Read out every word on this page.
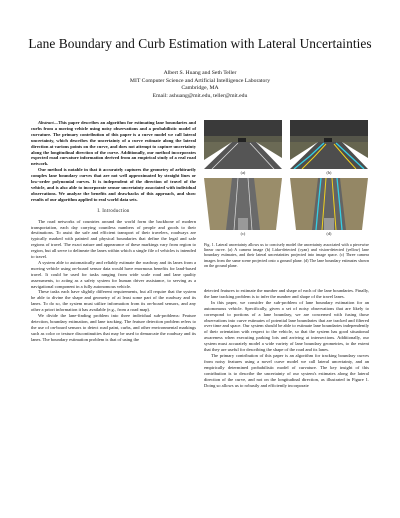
Lane Boundary and Curb Estimation with Lateral Uncertainties
Albert S. Huang and Seth Teller
MIT Computer Science and Artificial Intelligence Laboratory
Cambridge, MA
Email: ashuang@mit.edu, teller@mit.edu

Abstract—This paper describes an algorithm for estimating lane boundaries and curbs from a moving vehicle using noisy observations and a probabilistic model of curvature. The primary contribution of this paper is a curve model we call lateral uncertainty, which describes the uncertainty of a curve estimate along the lateral direction at various points on the curve, and does not attempt to capture uncertainty along the longitudinal direction of the curve. Additionally, our method incorporates expected road curvature information derived from an empirical study of a real road network.

Our method is notable in that it accurately captures the geometry of arbitrarily complex lane boundary curves that are not well approximated by straight lines or low-order polynomial curves. It is independent of the direction of travel of the vehicle, and is also able to incorporate sensor uncertainty associated with individual observations. We analyze the benefits and drawbacks of this approach, and show results of our algorithm applied to real world data sets.

I. Introduction

The road networks of countries around the world form the backbone of modern transportation, each day carrying countless numbers of people and goods to their destinations. To assist the safe and efficient transport of their travelers, roadways are typically marked with painted and physical boundaries that define the legal and safe regions of travel. The exact nature and appearance of these markings vary from region to region, but all serve to delineate the lanes within which a single file of vehicles is intended to travel.

A system able to automatically and reliably estimate the roadway and its lanes from a moving vehicle using on-board sensor data would have enormous benefits for land-based travel. It could be used for tasks ranging from wide scale road and lane quality assessments, to acting as a safety system for human driver assistance, to serving as a navigational component in a fully autonomous vehicle.

These tasks each have slightly different requirements, but all require that the system be able to divine the shape and geometry of at least some part of the roadway and its lanes. To do so, the system must utilize information from its on-board sensors, and any other a priori information it has available (e.g., from a road map).

We divide the lane-finding problem into three individual sub-problems: Feature detection, boundary estimation, and lane tracking. The feature detection problem refers to the use of on-board sensors to detect road paint, curbs, and other environmental markings such as color or texture discontinuities that may be used to demarcate the roadway and its lanes. The boundary estimation problem is that of using the

(a)	(b)
(c)	(d)
Fig. 1. Lateral uncertainty allows us to concisely model the uncertainty associated with a piecewise linear curve. (a) A camera image (b) Lidar-detected (cyan) and vision-detected (yellow) lane boundary estimates, and their lateral uncertainties projected into image space. (c) Three camera images from the same scene projected onto a ground plane. (d) The lane boundary estimates shown on the ground plane.

detected features to estimate the number and shape of each of the lane boundaries. Finally, the lane tracking problem is to infer the number and shape of the travel lanes.

In this paper, we consider the sub-problem of lane boundary estimation for an autonomous vehicle. Specifically, given a set of noisy observations that are likely to correspond to portions of a lane boundary, we are concerned with fusing those observations into curve estimates of potential lane boundaries that are tracked and filtered over time and space. Our system should be able to estimate lane boundaries independently of their orientation with respect to the vehicle, so that the system has good situational awareness when executing parking lots and arriving at intersections. Additionally, our system must accurately model a wide variety of lane boundary geometries, to the extent that they are useful for describing the shape of the road and its lanes.

The primary contribution of this paper is an algorithm for tracking boundary curves from noisy features using a novel curve model we call lateral uncertainty, and an empirically determined probabilistic model of curvature. The key insight of this contribution is to describe the uncertainty of our system's estimates along the lateral direction of the curve, and not on the longitudinal direction, as illustrated in Figure 1. Doing so allows us to robustly and efficiently incorporate
